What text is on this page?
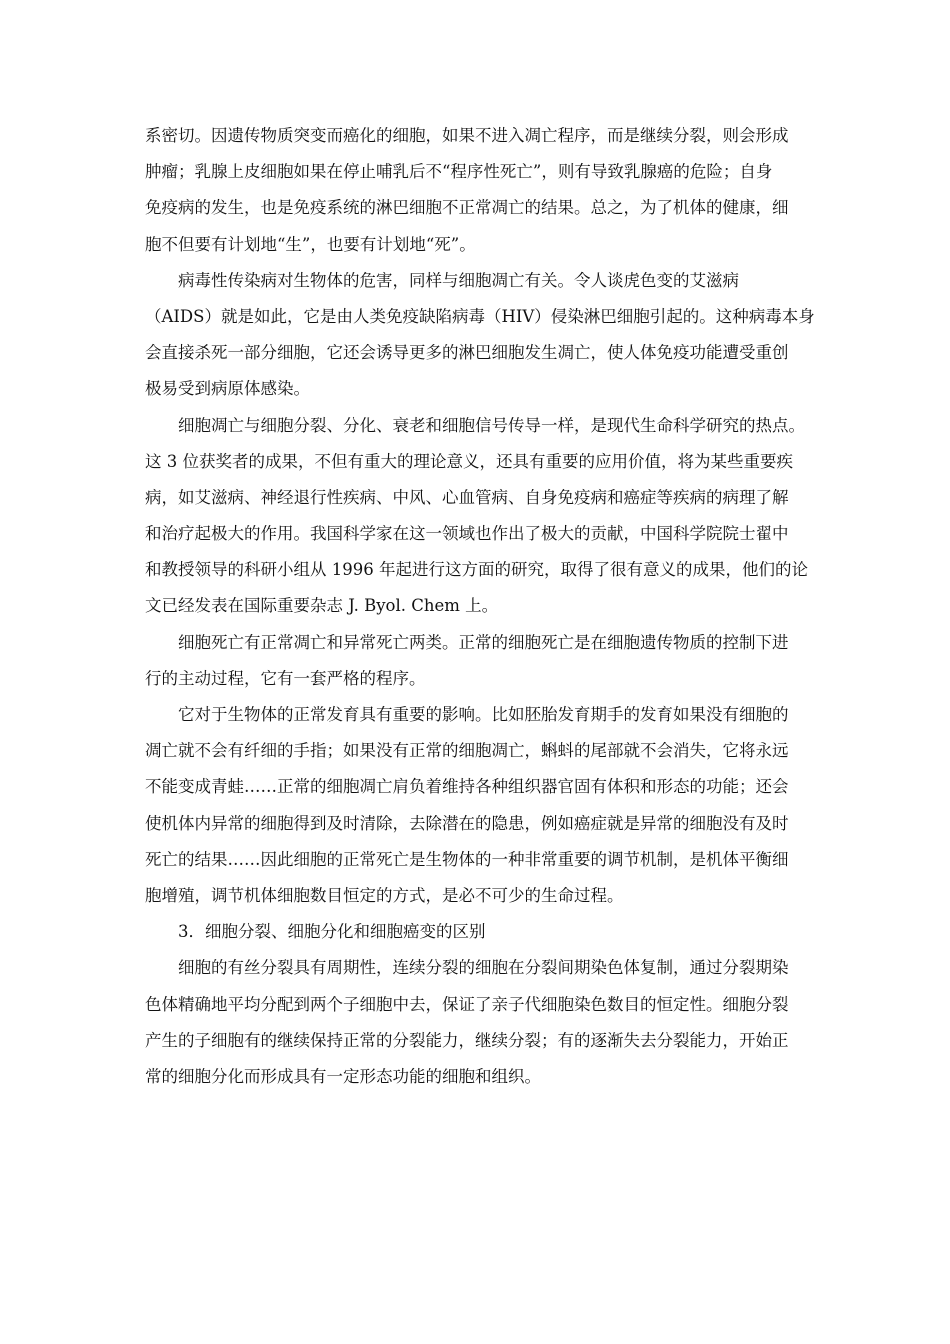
系密切。因遗传物质突变而癌化的细胞，如果不进入凋亡程序，而是继续分裂，则会形成
肿瘤；乳腺上皮细胞如果在停止哺乳后不“程序性死亡”，则有导致乳腺癌的危险；自身
免疫病的发生，也是免疫系统的淋巴细胞不正常凋亡的结果。总之，为了机体的健康，细
胞不但要有计划地“生”，也要有计划地“死”。
病毒性传染病对生物体的危害，同样与细胞凋亡有关。令人谈虎色变的艾滋病
（AIDS）就是如此，它是由人类免疫缺陷病毒（HIV）侵染淋巴细胞引起的。这种病毒本身
会直接杀死一部分细胞，它还会诱导更多的淋巴细胞发生凋亡，使人体免疫功能遭受重创
极易受到病原体感染。
细胞凋亡与细胞分裂、分化、衰老和细胞信号传导一样，是现代生命科学研究的热点。
这 3 位获奖者的成果，不但有重大的理论意义，还具有重要的应用价值，将为某些重要疾
病，如艾滋病、神经退行性疾病、中风、心血管病、自身免疫病和癌症等疾病的病理了解
和治疗起极大的作用。我国科学家在这一领域也作出了极大的贡献，中国科学院院士翟中
和教授领导的科研小组从 1996 年起进行这方面的研究，取得了很有意义的成果，他们的论
文已经发表在国际重要杂志 J. Byol. Chem 上。
细胞死亡有正常凋亡和异常死亡两类。正常的细胞死亡是在细胞遗传物质的控制下进
行的主动过程，它有一套严格的程序。
它对于生物体的正常发育具有重要的影响。比如胚胎发育期手的发育如果没有细胞的
凋亡就不会有纤细的手指；如果没有正常的细胞凋亡，蝌蚪的尾部就不会消失，它将永远
不能变成青蛙……正常的细胞凋亡肩负着维持各种组织器官固有体积和形态的功能；还会
使机体内异常的细胞得到及时清除，去除潜在的隐患，例如癌症就是异常的细胞没有及时
死亡的结果……因此细胞的正常死亡是生物体的一种非常重要的调节机制，是机体平衡细
胞增殖，调节机体细胞数目恒定的方式，是必不可少的生命过程。
3．细胞分裂、细胞分化和细胞癌变的区别
细胞的有丝分裂具有周期性，连续分裂的细胞在分裂间期染色体复制，通过分裂期染
色体精确地平均分配到两个子细胞中去，保证了亲子代细胞染色数目的恒定性。细胞分裂
产生的子细胞有的继续保持正常的分裂能力，继续分裂；有的逐渐失去分裂能力，开始正
常的细胞分化而形成具有一定形态功能的细胞和组织。
